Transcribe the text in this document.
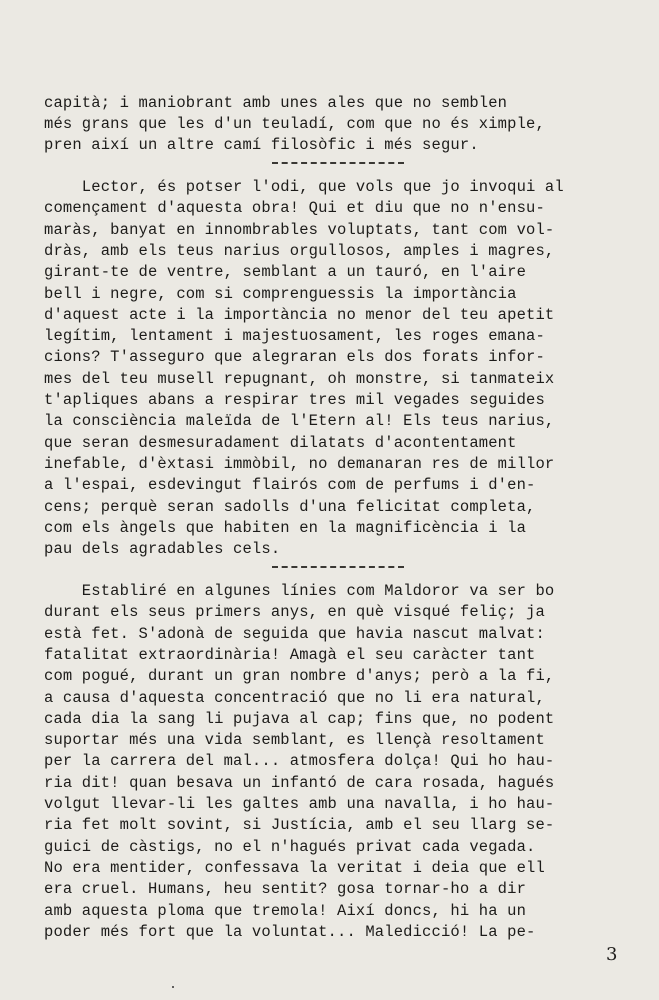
capità; i maniobrant amb unes ales que no semblen
més grans que les d'un teuladí, com que no és ximple,
pren així un altre camí filosòfic i més segur.
Lector, és potser l'odi, que vols que jo invoqui al
començament d'aquesta obra! Qui et diu que no n'ensu-
maràs, banyat en innombrables voluptats, tant com vol-
dràs, amb els teus narius orgullosos, amples i magres,
girant-te de ventre, semblant a un tauró, en l'aire
bell i negre, com si comprenguessis la importància
d'aquest acte i la importància no menor del teu apetit
legítim, lentament i majestuosament, les roges emana-
cions? T'asseguro que alegraran els dos forats infor-
mes del teu musell repugnant, oh monstre, si tanmateix
t'apliques abans a respirar tres mil vegades seguides
la consciència maleïda de l'Etern al! Els teus narius,
que seran desmesuradament dilatats d'acontentament
inefable, d'èxtasi immòbil, no demanaran res de millor
a l'espai, esdevingut flairós com de perfums i d'en-
cens; perquè seran sadolls d'una felicitat completa,
com els àngels que habiten en la magnificència i la
pau dels agradables cels.
Establiré en algunes línies com Maldoror va ser bo
durant els seus primers anys, en què visqué feliç; ja
està fet. S'adonà de seguida que havia nascut malvat:
fatalitat extraordinària! Amagà el seu caràcter tant
com pogué, durant un gran nombre d'anys; però a la fi,
a causa d'aquesta concentració que no li era natural,
cada dia la sang li pujava al cap; fins que, no podent
suportar més una vida semblant, es llençà resoltament
per la carrera del mal... atmosfera dolça! Qui ho hau-
ria dit! quan besava un infantó de cara rosada, hagués
volgut llevar-li les galtes amb una navalla, i ho hau-
ria fet molt sovint, si Justícia, amb el seu llarg se-
guici de càstigs, no el n'hagués privat cada vegada.
No era mentider, confessava la veritat i deia que ell
era cruel. Humans, heu sentit? gosa tornar-ho a dir
amb aquesta ploma que tremola! Així doncs, hi ha un
poder més fort que la voluntat... Maledicció! La pe-
3
